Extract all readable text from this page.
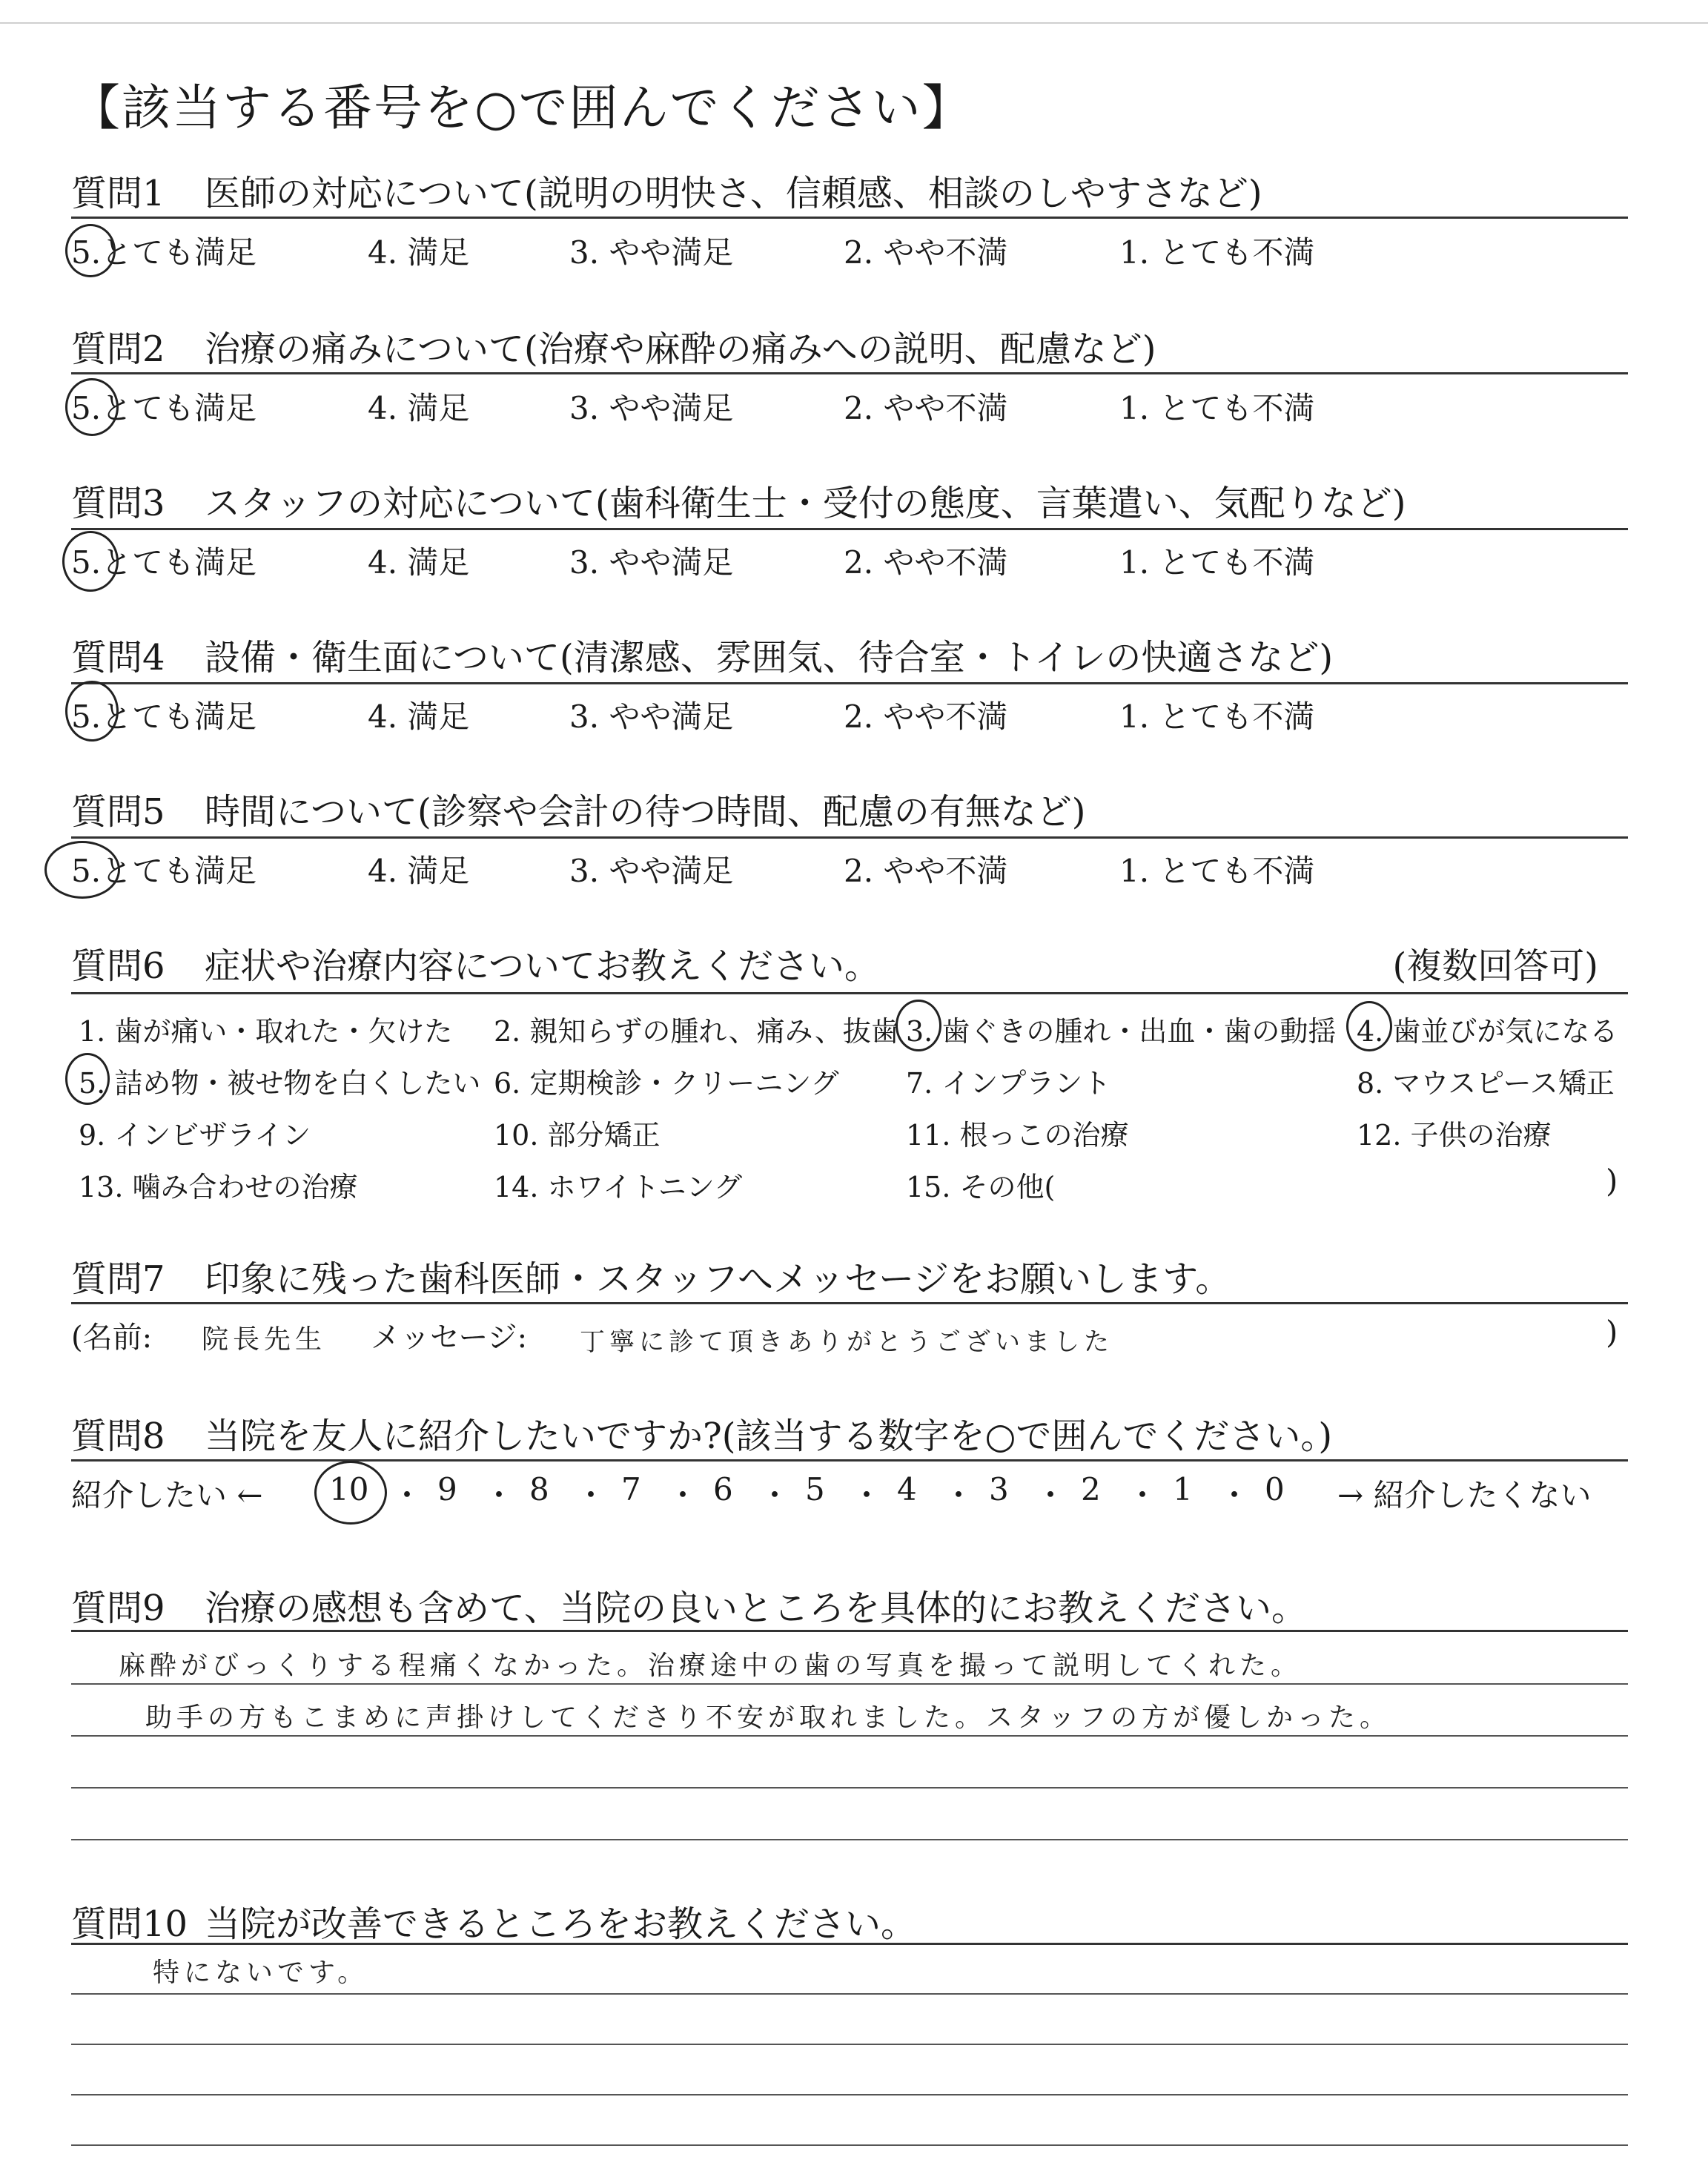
【該当する番号を○で囲んでください】
質問1 医師の対応について(説明の明快さ、信頼感、相談のしやすさなど)
5.とても満足	4. 満足	3. やや満足	2. やや不満	1. とても不満
質問2 治療の痛みについて(治療や麻酔の痛みへの説明、配慮など)
5.とても満足	4. 満足	3. やや満足	2. やや不満	1. とても不満
質問3 スタッフの対応について(歯科衛生士・受付の態度、言葉遣い、気配りなど)
5.とても満足	4. 満足	3. やや満足	2. やや不満	1. とても不満
質問4 設備・衛生面について(清潔感、雰囲気、待合室・トイレの快適さなど)
5.とても満足	4. 満足	3. やや満足	2. やや不満	1. とても不満
質問5 時間について(診察や会計の待つ時間、配慮の有無など)
5.とても満足	4. 満足	3. やや満足	2. やや不満	1. とても不満
質問6 症状や治療内容についてお教えください。	(複数回答可)
1. 歯が痛い・取れた・欠けた 2. 親知らずの腫れ、痛み、抜歯 3. 歯ぐきの腫れ・出血・歯の動揺 4. 歯並びが気になる
5. 詰め物・被せ物を白くしたい 6. 定期検診・クリーニング 7. インプラント	8. マウスピース矯正
9. インビザライン	10. 部分矯正	11. 根っこの治療	12. 子供の治療
13. 噛み合わせの治療	14. ホワイトニング	15. その他(	)
質問7 印象に残った歯科医師・スタッフへメッセージをお願いします。
(名前: 院長先生 メッセージ: 丁寧に診て頂きありがとうございました	)
質問8 当院を友人に紹介したいですか?(該当する数字を○で囲んでください。)
紹介したい ← 10 ・ 9 ・ 8 ・ 7 ・ 6 ・ 5 ・ 4 ・ 3 ・ 2 ・ 1 ・ 0 → 紹介したくない
質問9 治療の感想も含めて、当院の良いところを具体的にお教えください。
麻酔がびっくりする程痛くなかった。治療途中の歯の写真を撮って説明してくれた。
助手の方もこまめに声掛けしてくださり不安が取れました。スタッフの方が優しかった。
質問10 当院が改善できるところをお教えください。
特にないです。
